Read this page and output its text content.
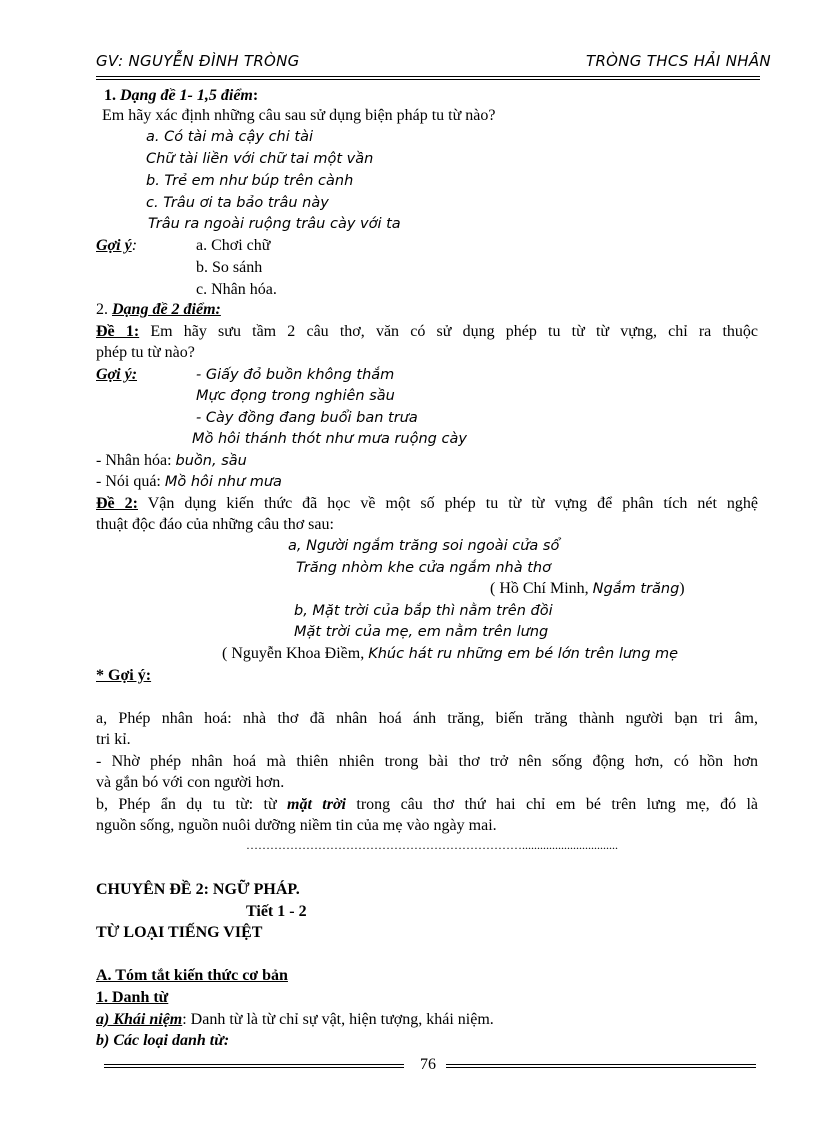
GV: NGUYỄN ĐÌNH TRÒNG	TRÒNG THCS HẢI NHÂN
1. Dạng đề 1- 1,5 điểm:
Em hãy xác định những câu sau sử dụng biện pháp tu từ nào?
a. Có tài mà cậy chi tài
Chữ tài liền với chữ tai một vần
b. Trẻ em như búp trên cành
c. Trâu ơi ta bảo trâu này
Trâu ra ngoài ruộng trâu cày với ta
Gợi ý:	a. Chơi chữ
b. So sánh
c. Nhân hóa.
2. Dạng đề 2 điểm:
Đề 1: Em hãy sưu tầm 2 câu thơ, văn có sử dụng phép tu từ từ vựng, chỉ ra thuộc
phép tu từ nào?
Gợi ý:	- Giấy đỏ buồn không thắm
Mực đọng trong nghiên sầu
- Cày đồng đang buổi ban trưa
Mồ hôi thánh thót như mưa ruộng cày
- Nhân hóa: buồn, sầu
- Nói quá: Mồ hôi như mưa
Đề 2: Vận dụng kiến thức đã học về một số phép tu từ từ vựng để phân tích nét nghệ
thuật độc đáo của những câu thơ sau:
a, Người ngắm trăng soi ngoài cửa sổ
Trăng nhòm khe cửa ngắm nhà thơ
( Hồ Chí Minh, Ngắm trăng)
b, Mặt trời của bắp thì nằm trên đồi
Mặt trời của mẹ, em nằm trên lưng
( Nguyễn Khoa Điềm, Khúc hát ru những em bé lớn trên lưng mẹ
* Gợi ý:
a, Phép nhân hoá: nhà thơ đã nhân hoá ánh trăng, biến trăng thành người bạn tri âm,
tri kỉ.
- Nhờ phép nhân hoá mà thiên nhiên trong bài thơ trở nên sống động hơn, có hồn hơn
và gắn bó với con người hơn.
b, Phép ẩn dụ tu từ: từ mặt trời trong câu thơ thứ hai chỉ em bé trên lưng mẹ, đó là
nguồn sống, nguồn nuôi dưỡng niềm tin của mẹ vào ngày mai.
……………………………………………………………................................
CHUYÊN ĐỀ 2: NGỮ PHÁP.
Tiết 1 - 2
TỪ LOẠI TIẾNG VIỆT
A. Tóm tắt kiến thức cơ bản
1. Danh từ
a) Khái niệm: Danh từ là từ chỉ sự vật, hiện tượng, khái niệm.
b) Các loại danh từ:
76
